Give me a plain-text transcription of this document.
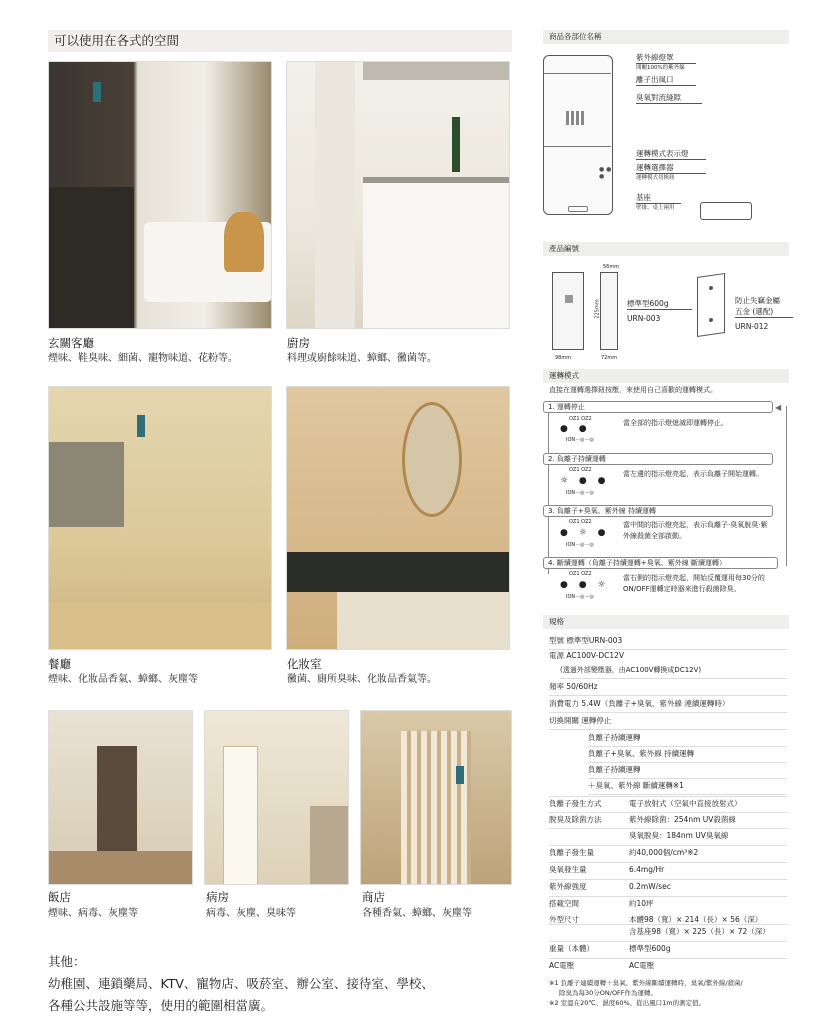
可以使用在各式的空間
玄關客廳
煙味、鞋臭味、細菌、寵物味道、花粉等。
廚房
料理或廚餘味道、蟑螂、黴菌等。
餐廳
煙味、化妝品香氣、蟑螂、灰塵等
化妝室
黴菌、廁所臭味、化妝品香氣等。
飯店
煙味、病毒、灰塵等
病房
病毒、灰塵、臭味等
商店
各種香氣、蟑螂、灰塵等
其他：
幼稚園、連鎖藥局、KTV、寵物店、吸菸室、辦公室、接待室、學校、
各種公共設施等等，使用的範圍相當廣。
商品各部位名稱
● ● ●
紫外線燈罩
開關100%的紫外線
離子出風口
臭氧對流縫隙
運轉模式表示燈
運轉選擇器
運轉模式切換鈕
基座
壁掛、桌上兩用
產品編號
56mm
98mm	72mm
225mm	標準型600g
URN-003
防止失竊金屬
五金 (選配)
URN-012
運轉模式
直接在運轉選擇鈕按壓，來使用自己喜歡的運轉模式。
◀
1. 運轉停止
OZ1 OZ2
● ●
ION－◎－◎
當全部的指示燈熄滅即運轉停止。
2. 負離子持續運轉
OZ1 OZ2
☼ ● ●
ION－◎－◎
當左邊的指示燈亮起，表示負離子開始運轉。
3. 負離子+臭氧、紫外線 持續運轉
OZ1 OZ2
● ☼ ●
ION－◎－◎
當中間的指示燈亮起，表示負離子‧臭氧脫臭‧紫外線殺菌全部啟動。
4. 斷續運轉（負離子持續運轉+臭氧、紫外線 斷續運轉）
OZ1 OZ2
● ● ☼
ION－◎－◎
當右側的指示燈亮起，開始反覆運用每30分的ON/OFF運轉定時器來進行殺菌除臭。
規格
型號 標準型URN-003
電源 AC100V-DC12V
(透過外部變壓器，由AC100V轉換成DC12V)
頻率 50/60Hz
消費電力 5.4W（負離子+臭氧、紫外線 連續運轉時）
切換開關 運轉停止
負離子持續運轉
負離子+臭氧、紫外線 持續運轉
負離子持續運轉
＋臭氧、紫外線 斷續運轉※1
負離子發生方式	電子放射式（空氣中直接放射式）
脫臭及除菌方法	紫外線除菌：254nm UV殺菌線
臭氧脫臭：184nm UV臭氧線
負離子發生量	約40,000個/cm³※2
臭氧發生量	6.4mg/Hr
紫外線強度	0.2mW/sec
搭載空間	約10坪
外型尺寸	本體98（寬）× 214（長）× 56（深）
含基座98（寬）× 225（長）× 72（深）
重量（本體）	標準型600g
AC電壓	AC電壓
※1 負離子連續運轉＋臭氧、紫外線斷續運轉時，臭氧/紫外線/殺菌/
除臭為每30分ON/OFF作為運轉。
※2 室溫在20℃、濕度60%、從出風口1m的測定值。
